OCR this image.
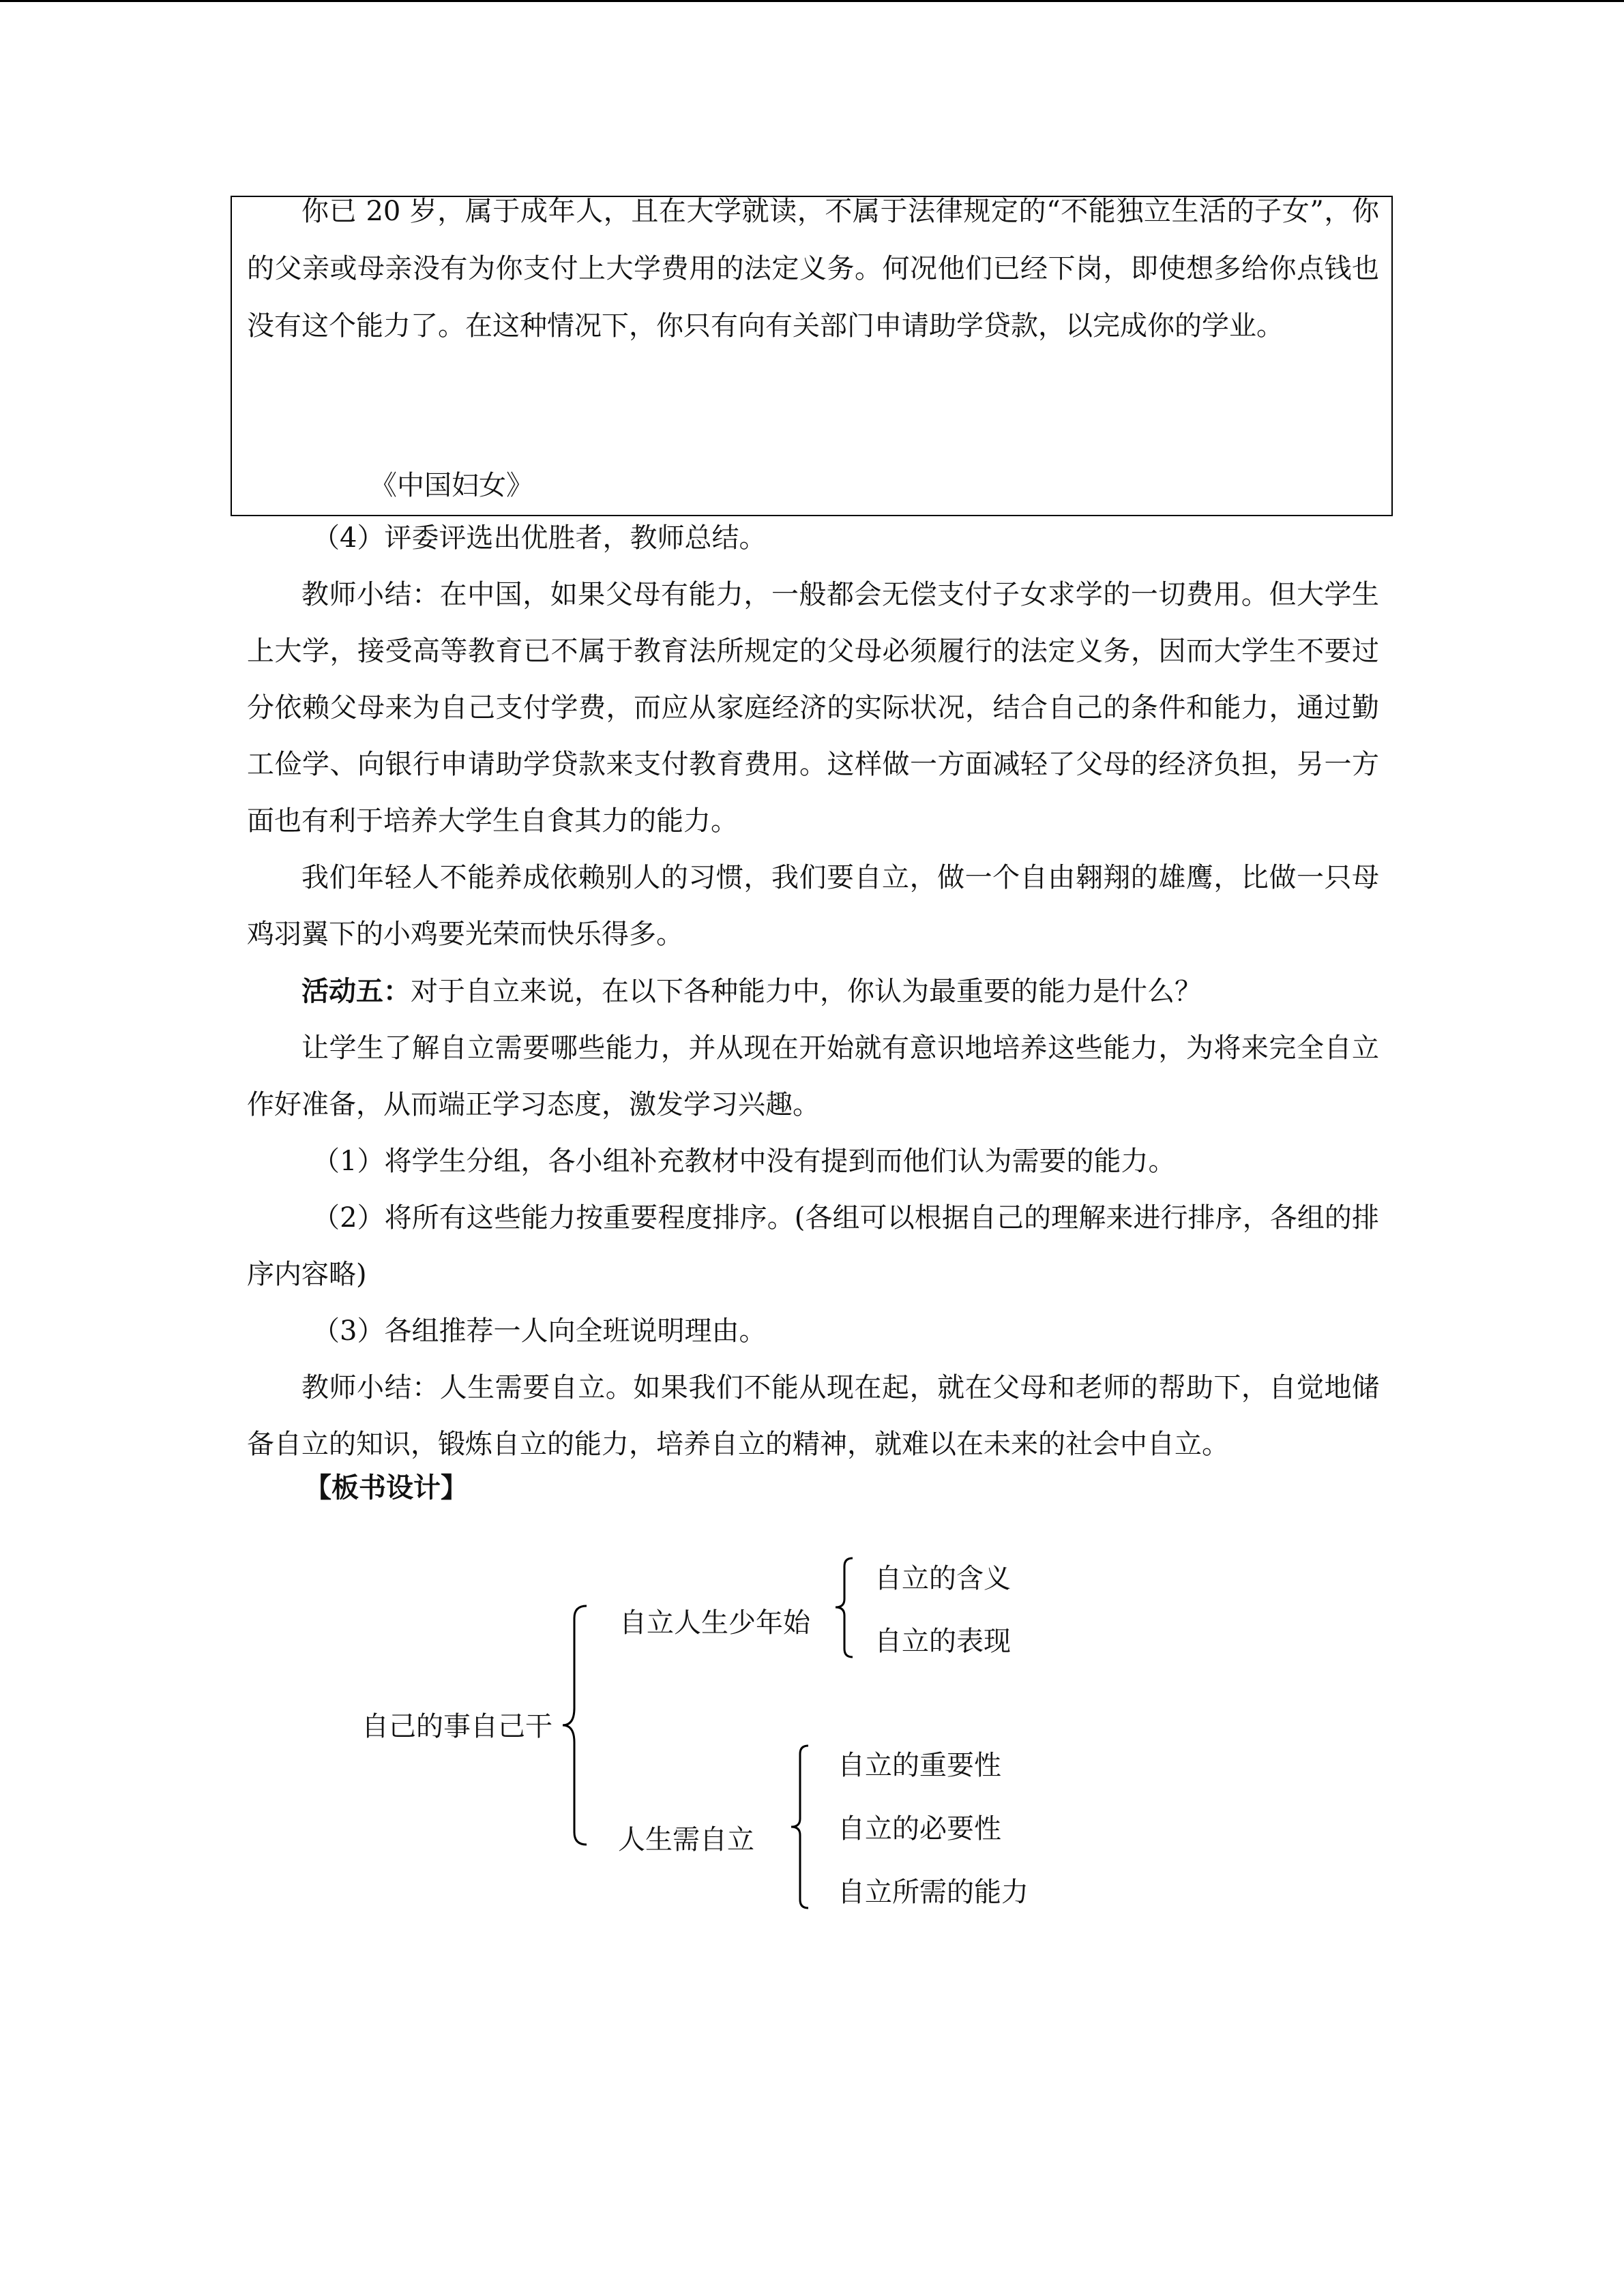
你已 20 岁，属于成年人，且在大学就读，不属于法律规定的“不能独立生活的子女”，你的父亲或母亲没有为你支付上大学费用的法定义务。何况他们已经下岗，即使想多给你点钱也没有这个能力了。在这种情况下，你只有向有关部门申请助学贷款，以完成你的学业。

《中国妇女》

（4）评委评选出优胜者，教师总结。

教师小结：在中国，如果父母有能力，一般都会无偿支付子女求学的一切费用。但大学生上大学，接受高等教育已不属于教育法所规定的父母必须履行的法定义务，因而大学生不要过分依赖父母来为自己支付学费，而应从家庭经济的实际状况，结合自己的条件和能力，通过勤工俭学、向银行申请助学贷款来支付教育费用。这样做一方面减轻了父母的经济负担，另一方面也有利于培养大学生自食其力的能力。

我们年轻人不能养成依赖别人的习惯，我们要自立，做一个自由翱翔的雄鹰，比做一只母鸡羽翼下的小鸡要光荣而快乐得多。

活动五：对于自立来说，在以下各种能力中，你认为最重要的能力是什么？

让学生了解自立需要哪些能力，并从现在开始就有意识地培养这些能力，为将来完全自立作好准备，从而端正学习态度，激发学习兴趣。

（1）将学生分组，各小组补充教材中没有提到而他们认为需要的能力。

（2）将所有这些能力按重要程度排序。(各组可以根据自己的理解来进行排序，各组的排序内容略)

（3）各组推荐一人向全班说明理由。

教师小结：人生需要自立。如果我们不能从现在起，就在父母和老师的帮助下，自觉地储备自立的知识，锻炼自立的能力，培养自立的精神，就难以在未来的社会中自立。

【板书设计】
自己的事自己干
自立人生少年始
人生需自立
自立的含义
自立的表现
自立的重要性
自立的必要性
自立所需的能力
